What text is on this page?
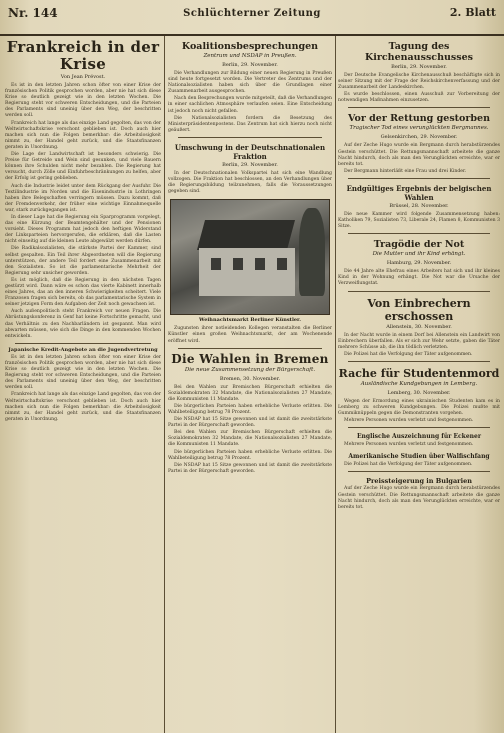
Nr. 144	Schlüchterner Zeitung	2. Blatt
Frankreich in der Krise
Von Jean Prévost.

Es ist in den letzten Jahren schon öfter von einer Krise der französischen Politik gesprochen worden, aber nie hat sich diese Krise so deutlich gezeigt wie in den letzten Wochen. Die Regierung steht vor schweren Entscheidungen, und die Parteien des Parlaments sind uneinig über den Weg, der beschritten werden soll.

Frankreich hat lange als das einzige Land gegolten, das von der Weltwirtschaftskrise verschont geblieben ist. Doch auch hier machen sich nun die Folgen bemerkbar: die Arbeitslosigkeit nimmt zu, der Handel geht zurück, und die Staatsfinanzen geraten in Unordnung.

Die Lage der Landwirtschaft ist besonders schwierig. Die Preise für Getreide und Wein sind gesunken, und viele Bauern können ihre Schulden nicht mehr bezahlen. Die Regierung hat versucht, durch Zölle und Einfuhrbeschränkungen zu helfen, aber der Erfolg ist gering geblieben.

Auch die Industrie leidet unter dem Rückgang der Ausfuhr. Die Textilindustrie im Norden und die Eisenindustrie in Lothringen haben ihre Belegschaften verringern müssen. Dazu kommt, daß der Fremdenverkehr, der früher eine wichtige Einnahmequelle war, stark zurückgegangen ist.

In dieser Lage hat die Regierung ein Sparprogramm vorgelegt, das eine Kürzung der Beamtengehälter und der Pensionen vorsieht. Dieses Programm hat jedoch den heftigen Widerstand der Linksparteien hervorgerufen, die erklären, daß die Lasten nicht einseitig auf die kleinen Leute abgewälzt werden dürfen.

Die Radikalsozialisten, die stärkste Partei der Kammer, sind selbst gespalten. Ein Teil ihrer Abgeordneten will die Regierung unterstützen, der andere Teil fordert eine Zusammenarbeit mit den Sozialisten. So ist die parlamentarische Mehrheit der Regierung sehr unsicher geworden.

Es ist möglich, daß die Regierung in den nächsten Tagen gestürzt wird. Dann wäre es schon das vierte Kabinett innerhalb eines Jahres, das an den inneren Schwierigkeiten scheitert. Viele Franzosen fragen sich bereits, ob das parlamentarische System in seiner jetzigen Form den Aufgaben der Zeit noch gewachsen ist.

Auch außenpolitisch steht Frankreich vor neuen Fragen. Die Abrüstungskonferenz in Genf hat keine Fortschritte gemacht, und das Verhältnis zu den Nachbarländern ist gespannt. Man wird abwarten müssen, wie sich die Dinge in den kommenden Wochen entwickeln.

Japanische Kredit-Angebote an die Jugendvertretung

Es ist in den letzten Jahren schon öfter von einer Krise der französischen Politik gesprochen worden, aber nie hat sich diese Krise so deutlich gezeigt wie in den letzten Wochen. Die Regierung steht vor schweren Entscheidungen, und die Parteien des Parlaments sind uneinig über den Weg, der beschritten werden soll.

Frankreich hat lange als das einzige Land gegolten, das von der Weltwirtschaftskrise verschont geblieben ist. Doch auch hier machen sich nun die Folgen bemerkbar: die Arbeitslosigkeit nimmt zu, der Handel geht zurück, und die Staatsfinanzen geraten in Unordnung.

Koalitionsbesprechungen
Zentrum und NSDAP in Preußen.
Berlin, 29. November.

Die Verhandlungen zur Bildung einer neuen Regierung in Preußen sind heute fortgesetzt worden. Die Vertreter des Zentrums und der Nationalsozialisten haben sich über die Grundlagen einer Zusammenarbeit ausgesprochen.

Nach den Besprechungen wurde mitgeteilt, daß die Verhandlungen in einer sachlichen Atmosphäre verlaufen seien. Eine Entscheidung ist jedoch noch nicht gefallen.

Die Nationalsozialisten fordern die Besetzung des Ministerpräsidentenpostens. Das Zentrum hat sich hierzu noch nicht geäußert.

Umschwung in der Deutschnationalen Fraktion
Berlin, 29. November.

In der Deutschnationalen Volkspartei hat sich eine Wandlung vollzogen. Die Fraktion hat beschlossen, an den Verhandlungen über die Regierungsbildung teilzunehmen, falls die Voraussetzungen gegeben sind.

Weihnachtsmarkt Berliner Künstler.

Zugunsten ihrer notleidenden Kollegen veranstalten die Berliner Künstler einen großen Weihnachtsmarkt, der am Wochenende eröffnet wird.

Die Wahlen in Bremen
Die neue Zusammensetzung der Bürgerschaft.
Bremen, 30. November.

Bei den Wahlen zur Bremischen Bürgerschaft erhielten die Sozialdemokraten 32 Mandate, die Nationalsozialisten 27 Mandate, die Kommunisten 11 Mandate.

Die bürgerlichen Parteien haben erhebliche Verluste erlitten. Die Wahlbeteiligung betrug 78 Prozent.

Die NSDAP hat 15 Sitze gewonnen und ist damit die zweitstärkste Partei in der Bürgerschaft geworden.

Bei den Wahlen zur Bremischen Bürgerschaft erhielten die Sozialdemokraten 32 Mandate, die Nationalsozialisten 27 Mandate, die Kommunisten 11 Mandate.

Die bürgerlichen Parteien haben erhebliche Verluste erlitten. Die Wahlbeteiligung betrug 78 Prozent.

Die NSDAP hat 15 Sitze gewonnen und ist damit die zweitstärkste Partei in der Bürgerschaft geworden.

Tagung des Kirchenausschusses
Berlin, 29. November.

Der Deutsche Evangelische Kirchenausschuß beschäftigte sich in seiner Sitzung mit der Frage der Reichskirchenverfassung und der Zusammenarbeit der Landeskirchen.

Es wurde beschlossen, einen Ausschuß zur Vorbereitung der notwendigen Maßnahmen einzusetzen.

Vor der Rettung gestorben
Tragischer Tod eines verunglückten Bergmannes.
Gelsenkirchen, 29. November.

Auf der Zeche Hugo wurde ein Bergmann durch herabstürzendes Gestein verschüttet. Die Rettungsmannschaft arbeitete die ganze Nacht hindurch, doch als man den Verunglückten erreichte, war er bereits tot.

Der Bergmann hinterläßt eine Frau und drei Kinder.

Endgültiges Ergebnis der belgischen Wahlen
Brüssel, 28. November.

Die neue Kammer wird folgende Zusammensetzung haben: Katholiken 79, Sozialisten 73, Liberale 24, Flamen 8, Kommunisten 3 Sitze.

Tragödie der Not
Die Mutter und ihr Kind erhängt.
Hamburg, 29. November.

Die 44 Jahre alte Ehefrau eines Arbeiters hat sich und ihr kleines Kind in der Wohnung erhängt. Die Not war die Ursache der Verzweiflungstat.

Von Einbrechern erschossen
Allenstein, 30. November.

In der Nacht wurde in einem Dorf bei Allenstein ein Landwirt von Einbrechern überfallen. Als er sich zur Wehr setzte, gaben die Täter mehrere Schüsse ab, die ihn tödlich verletzten.

Die Polizei hat die Verfolgung der Täter aufgenommen.

Rache für Studentenmord
Ausländische Kundgebungen in Lemberg.
Lemberg, 30. November.

Wegen der Ermordung eines ukrainischen Studenten kam es in Lemberg zu schweren Kundgebungen. Die Polizei mußte mit Gummiknüppeln gegen die Demonstranten vorgehen.

Mehrere Personen wurden verletzt und festgenommen.

Englische Auszeichnung für Eckener

Mehrere Personen wurden verletzt und festgenommen.

Amerikanische Studien über Walfischfang

Die Polizei hat die Verfolgung der Täter aufgenommen.

Preissteigerung in Bulgarien

Auf der Zeche Hugo wurde ein Bergmann durch herabstürzendes Gestein verschüttet. Die Rettungsmannschaft arbeitete die ganze Nacht hindurch, doch als man den Verunglückten erreichte, war er bereits tot.
